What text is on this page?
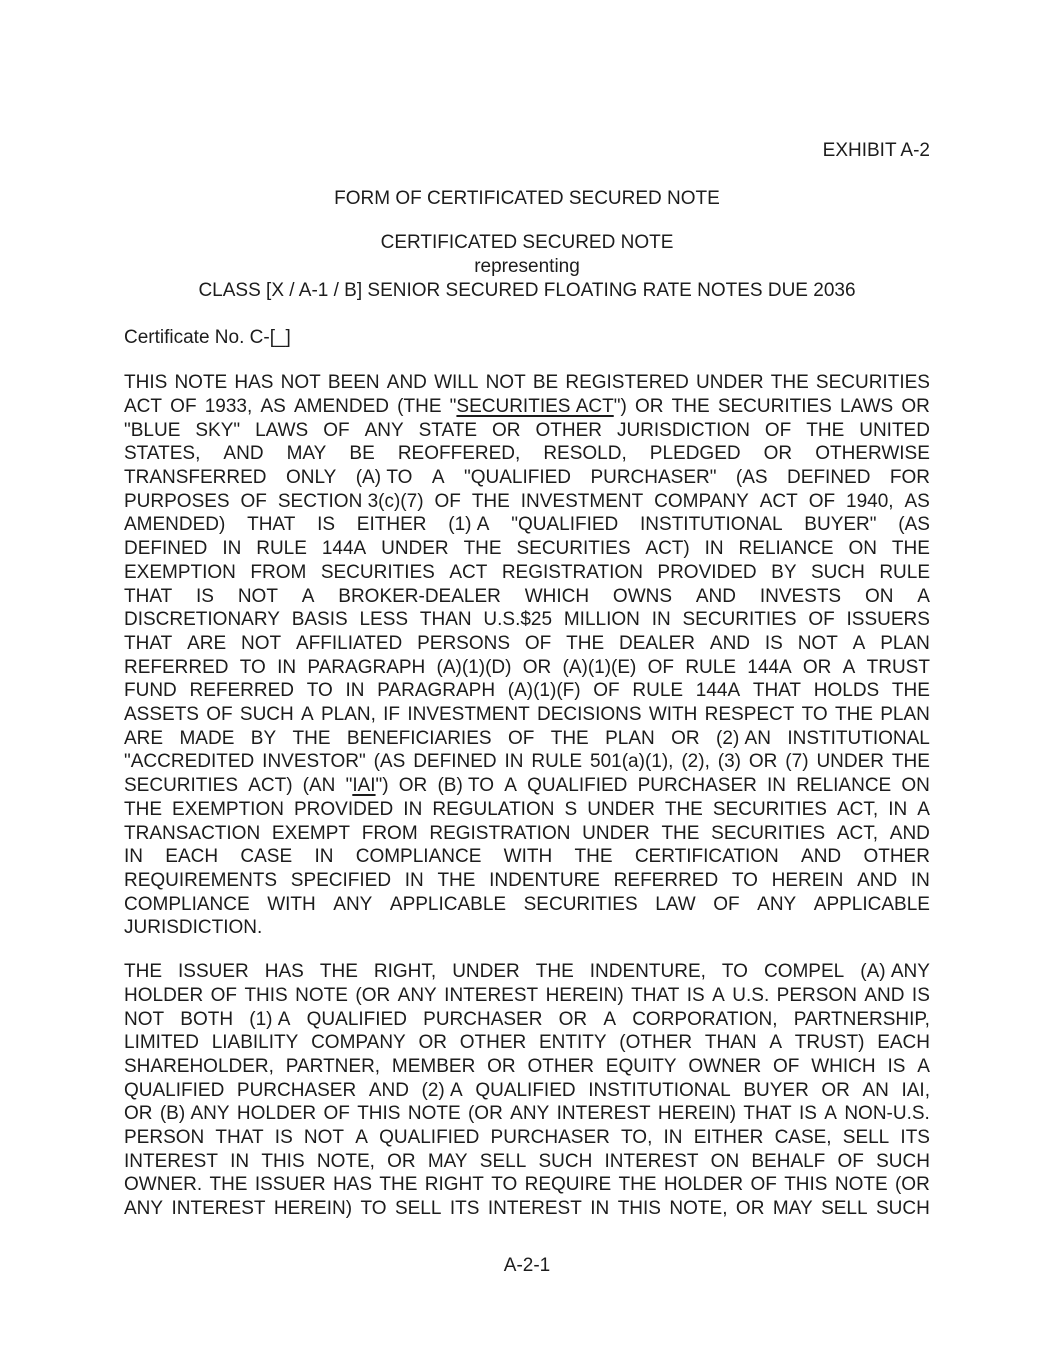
EXHIBIT A-2
FORM OF CERTIFICATED SECURED NOTE
CERTIFICATED SECURED NOTE
representing
CLASS [X / A-1 / B] SENIOR SECURED FLOATING RATE NOTES DUE 2036
Certificate No. C-[_]
THIS NOTE HAS NOT BEEN AND WILL NOT BE REGISTERED UNDER THE SECURITIES
ACT OF 1933, AS AMENDED (THE "SECURITIES ACT") OR THE SECURITIES LAWS OR
"BLUE SKY" LAWS OF ANY STATE OR OTHER JURISDICTION OF THE UNITED
STATES, AND MAY BE REOFFERED, RESOLD, PLEDGED OR OTHERWISE
TRANSFERRED ONLY (A) TO A "QUALIFIED PURCHASER" (AS DEFINED FOR
PURPOSES OF SECTION 3(c)(7) OF THE INVESTMENT COMPANY ACT OF 1940, AS
AMENDED) THAT IS EITHER (1) A "QUALIFIED INSTITUTIONAL BUYER" (AS
DEFINED IN RULE 144A UNDER THE SECURITIES ACT) IN RELIANCE ON THE
EXEMPTION FROM SECURITIES ACT REGISTRATION PROVIDED BY SUCH RULE
THAT IS NOT A BROKER-DEALER WHICH OWNS AND INVESTS ON A
DISCRETIONARY BASIS LESS THAN U.S.$25 MILLION IN SECURITIES OF ISSUERS
THAT ARE NOT AFFILIATED PERSONS OF THE DEALER AND IS NOT A PLAN
REFERRED TO IN PARAGRAPH (A)(1)(D) OR (A)(1)(E) OF RULE 144A OR A TRUST
FUND REFERRED TO IN PARAGRAPH (A)(1)(F) OF RULE 144A THAT HOLDS THE
ASSETS OF SUCH A PLAN, IF INVESTMENT DECISIONS WITH RESPECT TO THE PLAN
ARE MADE BY THE BENEFICIARIES OF THE PLAN OR (2) AN INSTITUTIONAL
"ACCREDITED INVESTOR" (AS DEFINED IN RULE 501(a)(1), (2), (3) OR (7) UNDER THE
SECURITIES ACT) (AN "IAI") OR (B) TO A QUALIFIED PURCHASER IN RELIANCE ON
THE EXEMPTION PROVIDED IN REGULATION S UNDER THE SECURITIES ACT, IN A
TRANSACTION EXEMPT FROM REGISTRATION UNDER THE SECURITIES ACT, AND
IN EACH CASE IN COMPLIANCE WITH THE CERTIFICATION AND OTHER
REQUIREMENTS SPECIFIED IN THE INDENTURE REFERRED TO HEREIN AND IN
COMPLIANCE WITH ANY APPLICABLE SECURITIES LAW OF ANY APPLICABLE
JURISDICTION.
THE ISSUER HAS THE RIGHT, UNDER THE INDENTURE, TO COMPEL (A) ANY
HOLDER OF THIS NOTE (OR ANY INTEREST HEREIN) THAT IS A U.S. PERSON AND IS
NOT BOTH (1) A QUALIFIED PURCHASER OR A CORPORATION, PARTNERSHIP,
LIMITED LIABILITY COMPANY OR OTHER ENTITY (OTHER THAN A TRUST) EACH
SHAREHOLDER, PARTNER, MEMBER OR OTHER EQUITY OWNER OF WHICH IS A
QUALIFIED PURCHASER AND (2) A QUALIFIED INSTITUTIONAL BUYER OR AN IAI,
OR (B) ANY HOLDER OF THIS NOTE (OR ANY INTEREST HEREIN) THAT IS A NON-U.S.
PERSON THAT IS NOT A QUALIFIED PURCHASER TO, IN EITHER CASE, SELL ITS
INTEREST IN THIS NOTE, OR MAY SELL SUCH INTEREST ON BEHALF OF SUCH
OWNER. THE ISSUER HAS THE RIGHT TO REQUIRE THE HOLDER OF THIS NOTE (OR
ANY INTEREST HEREIN) TO SELL ITS INTEREST IN THIS NOTE, OR MAY SELL SUCH
A-2-1
